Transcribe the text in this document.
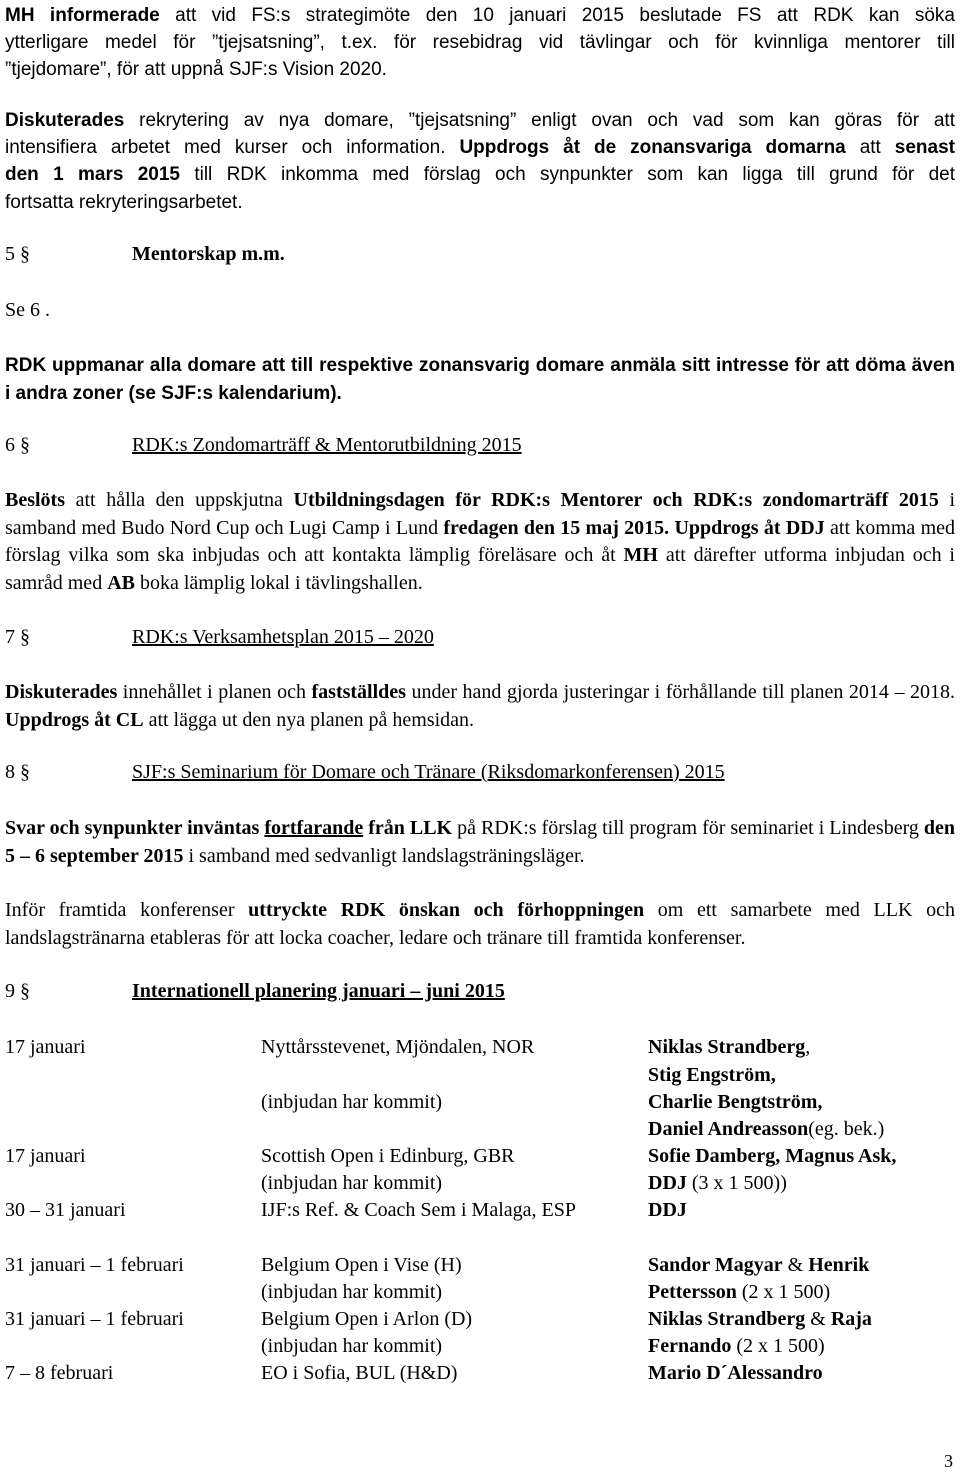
MH informerade att vid FS:s strategimöte den 10 januari 2015 beslutade FS att RDK kan söka
ytterligare medel för ”tjejsatsning”, t.ex. för resebidrag vid tävlingar och för kvinnliga mentorer till
”tjejdomare”, för att uppnå SJF:s Vision 2020.
Diskuterades rekrytering av nya domare, ”tjejsatsning” enligt ovan och vad som kan göras för att
intensifiera arbetet med kurser och information. Uppdrogs åt de zonansvariga domarna att senast
den 1 mars 2015 till RDK inkomma med förslag och synpunkter som kan ligga till grund för det
fortsatta rekryteringsarbetet.
5 §	Mentorskap m.m.
Se 6 .
RDK uppmanar alla domare att till respektive zonansvarig domare anmäla sitt intresse för att döma även i andra zoner (se SJF:s kalendarium).
6 §	RDK:s Zondomarträff & Mentorutbildning 2015
Beslöts att hålla den uppskjutna Utbildningsdagen för RDK:s Mentorer och RDK:s zondomarträff 2015 i samband med Budo Nord Cup och Lugi Camp i Lund fredagen den 15 maj 2015. Uppdrogs åt DDJ att komma med förslag vilka som ska inbjudas och att kontakta lämplig föreläsare och åt MH att därefter utforma inbjudan och i samråd med AB boka lämplig lokal i tävlingshallen.
7 §	RDK:s Verksamhetsplan 2015 – 2020
Diskuterades innehållet i planen och fastställdes under hand gjorda justeringar i förhållande till planen 2014 – 2018. Uppdrogs åt CL att lägga ut den nya planen på hemsidan.
8 §	SJF:s Seminarium för Domare och Tränare (Riksdomarkonferensen) 2015
Svar och synpunkter inväntas fortfarande från LLK på RDK:s förslag till program för seminariet i Lindesberg den 5 – 6 september 2015 i samband med sedvanligt landslagsträningsläger.
Inför framtida konferenser uttryckte RDK önskan och förhoppningen om ett samarbete med LLK och landslagstränarna etableras för att locka coacher, ledare och tränare till framtida konferenser.
9 §	Internationell planering januari – juni 2015
17 januari	Nyttårsstevenet, Mjöndalen, NOR	Niklas Strandberg,
Stig Engström,
(inbjudan har kommit)	Charlie Bengtström,
Daniel Andreasson(eg. bek.)
17 januari	Scottish Open i Edinburg, GBR	Sofie Damberg, Magnus Ask,
(inbjudan har kommit)	DDJ (3 x 1 500))
30 – 31 januari	IJF:s Ref. & Coach Sem i Malaga, ESP	DDJ
31 januari – 1 februari	Belgium Open i Vise (H)	Sandor Magyar & Henrik
(inbjudan har kommit)	Pettersson (2 x 1 500)
31 januari – 1 februari	Belgium Open i Arlon (D)	Niklas Strandberg & Raja
(inbjudan har kommit)	Fernando (2 x 1 500)
7 – 8 februari	EO i Sofia, BUL (H&D)	Mario D´Alessandro
3
